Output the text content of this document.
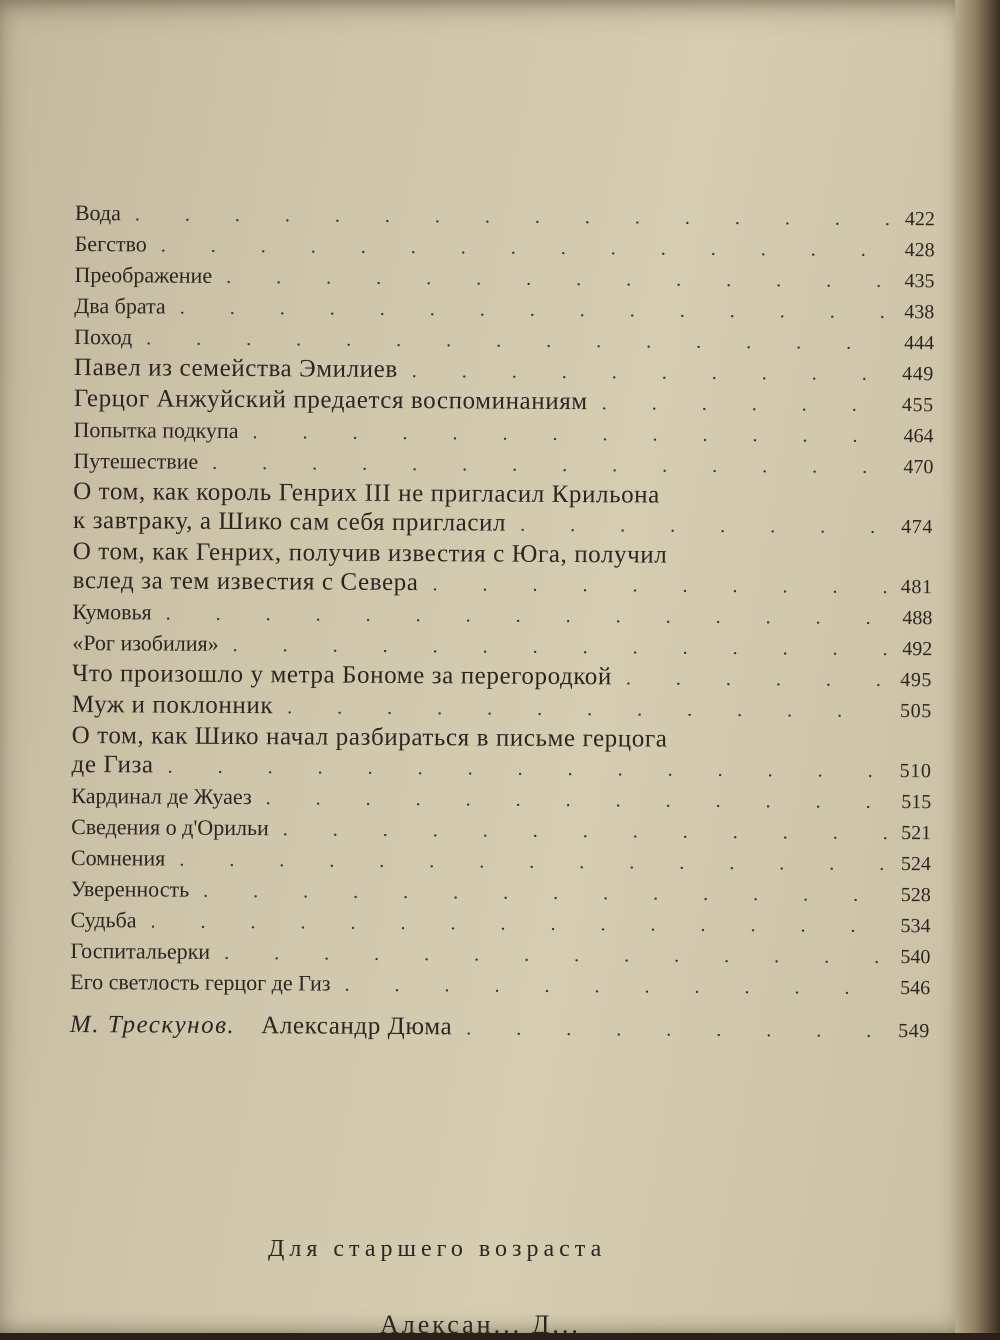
Вода . . .	422
Бегство . . .	428
Преображение . . .	435
Два брата . . .	438
Поход . . .	444
Павел из семейства Эмилиев . . .	449
Герцог Анжуйский предается воспоминаниям . . .	455
Попытка подкупа . . .	464
Путешествие . . .	470
О том, как король Генрих III не пригласил Крильона
к завтраку, а Шико сам себя пригласил . . .	474
О том, как Генрих, получив известия с Юга, получил
вслед за тем известия с Севера . . .	481
Кумовья . . .	488
«Рог изобилия» . . .	492
Что произошло у метра Бономе за перегородкой . . .	495
Муж и поклонник . . .	505
О том, как Шико начал разбираться в письме герцога
де Гиза . . .	510
Кардинал де Жуаез . . .	515
Сведения о д'Орильи . . .	521
Сомнения . . .	524
Уверенность . . .	528
Судьба . . .	534
Госпитальерки . . .	540
Его светлость герцог де Гиз . . .	546
М. Трескунов.	Александр Дюма . . .	549
Для старшего возраста
Алексан... Д...
